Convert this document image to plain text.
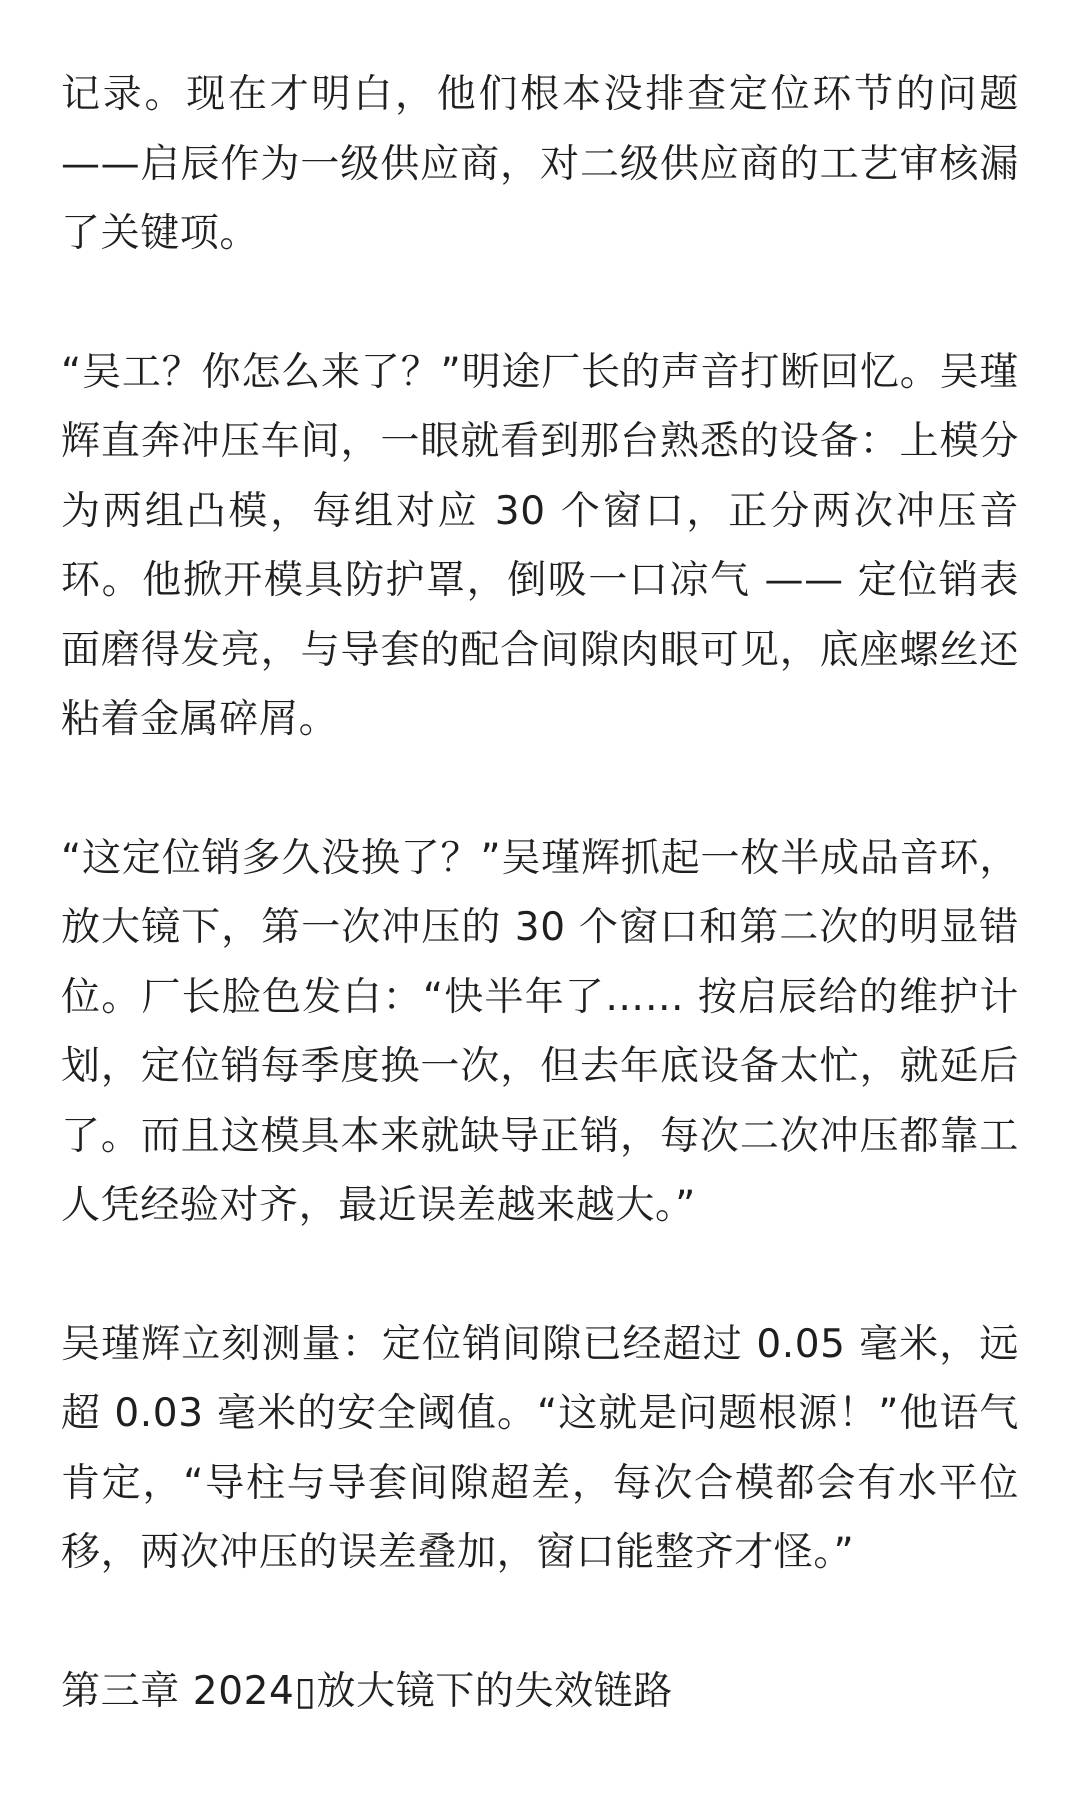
记录。现在才明白，他们根本没排查定位环节的问题——启辰作为一级供应商，对二级供应商的工艺审核漏了关键项。

“吴工？你怎么来了？”明途厂长的声音打断回忆。吴瑾辉直奔冲压车间，一眼就看到那台熟悉的设备：上模分为两组凸模，每组对应 30 个窗口，正分两次冲压音环。他掀开模具防护罩，倒吸一口凉气 —— 定位销表面磨得发亮，与导套的配合间隙肉眼可见，底座螺丝还粘着金属碎屑。

“这定位销多久没换了？”吴瑾辉抓起一枚半成品音环，放大镜下，第一次冲压的 30 个窗口和第二次的明显错位。厂长脸色发白：“快半年了…… 按启辰给的维护计划，定位销每季度换一次，但去年底设备太忙，就延后了。而且这模具本来就缺导正销，每次二次冲压都靠工人凭经验对齐，最近误差越来越大。”

吴瑾辉立刻测量：定位销间隙已经超过 0.05 毫米，远超 0.03 毫米的安全阈值。“这就是问题根源！”他语气肯定，“导柱与导套间隙超差，每次合模都会有水平位移，两次冲压的误差叠加，窗口能整齐才怪。”

第三章 2024▯放大镜下的失效链路
